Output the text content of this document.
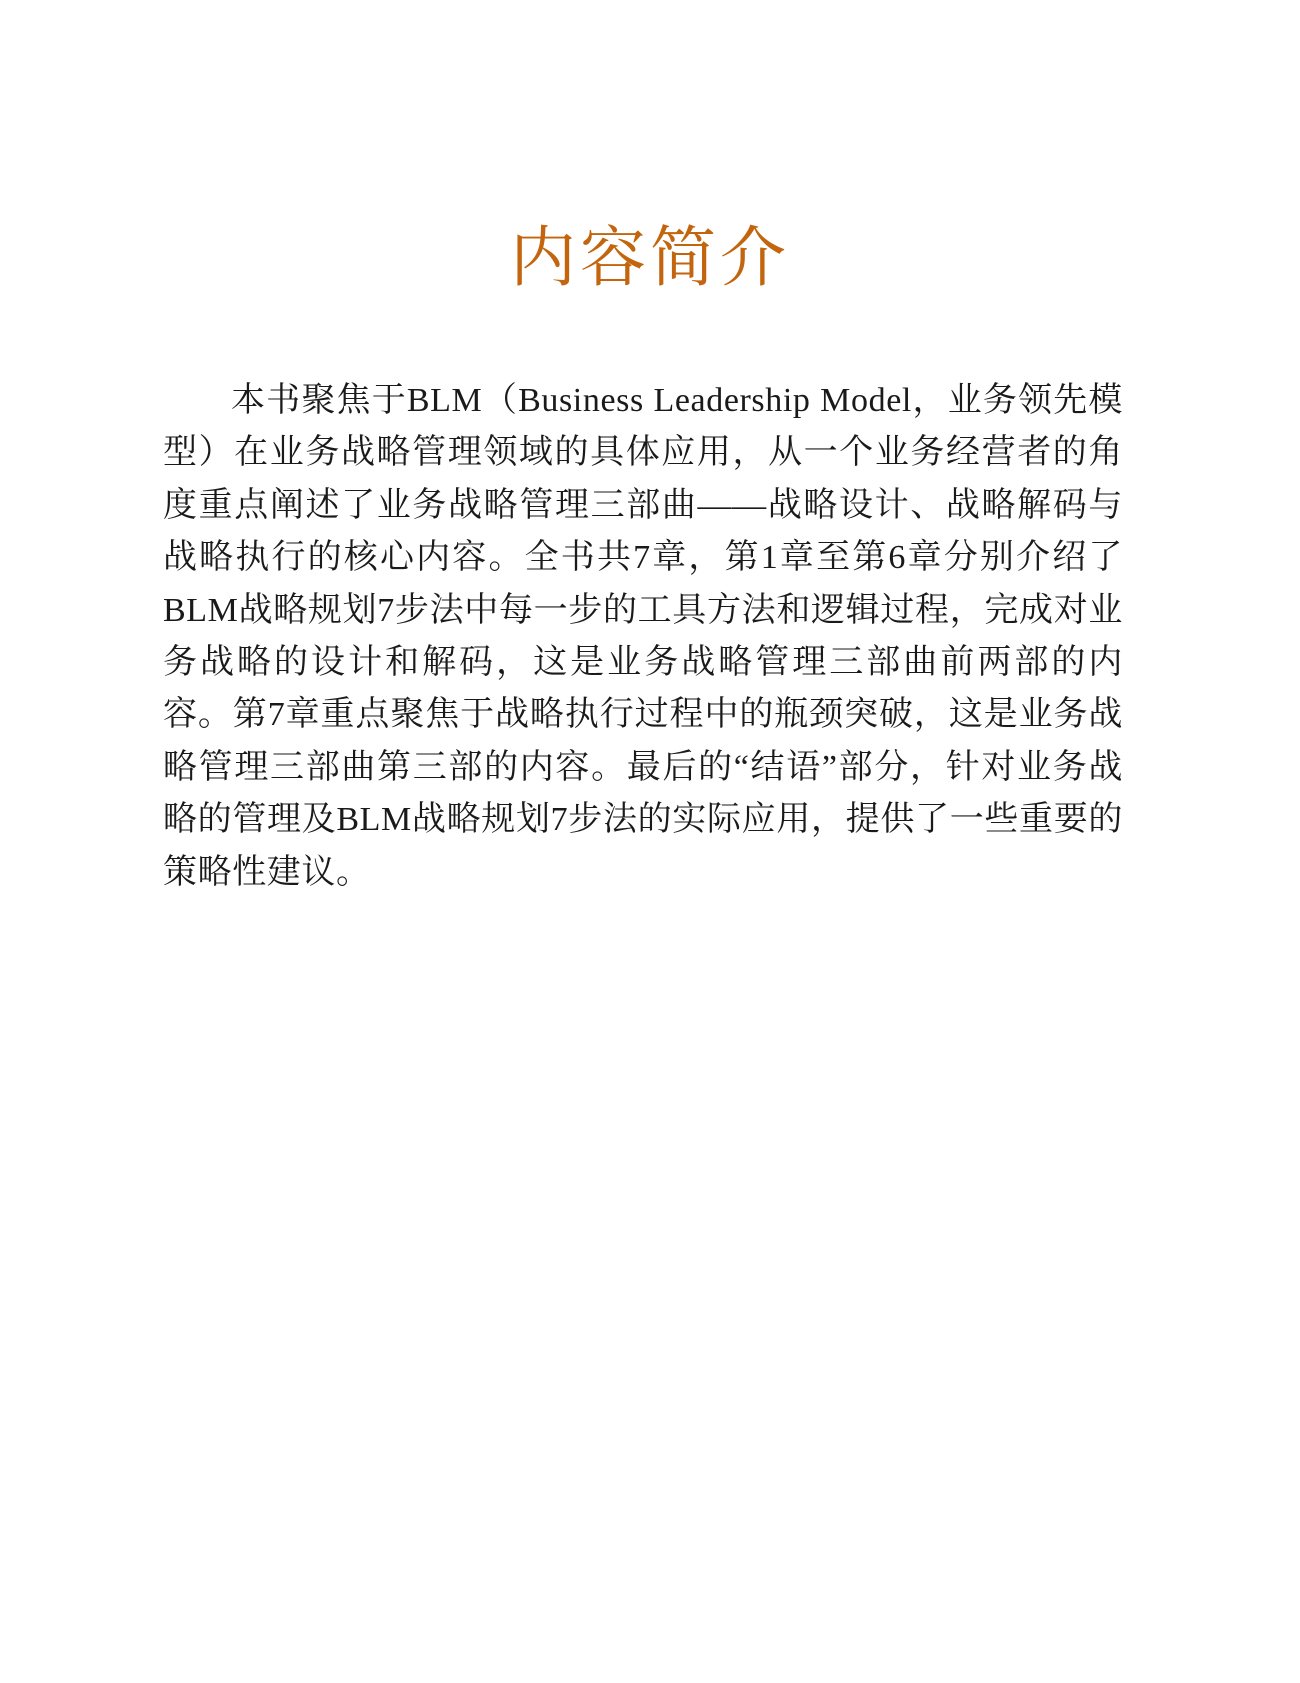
内容简介

本书聚焦于BLM（Business Leadership Model，业务领先模型）在业务战略管理领域的具体应用，从一个业务经营者的角度重点阐述了业务战略管理三部曲——战略设计、战略解码与战略执行的核心内容。全书共7章，第1章至第6章分别介绍了BLM战略规划7步法中每一步的工具方法和逻辑过程，完成对业务战略的设计和解码，这是业务战略管理三部曲前两部的内容。第7章重点聚焦于战略执行过程中的瓶颈突破，这是业务战略管理三部曲第三部的内容。最后的“结语”部分，针对业务战略的管理及BLM战略规划7步法的实际应用，提供了一些重要的策略性建议。
